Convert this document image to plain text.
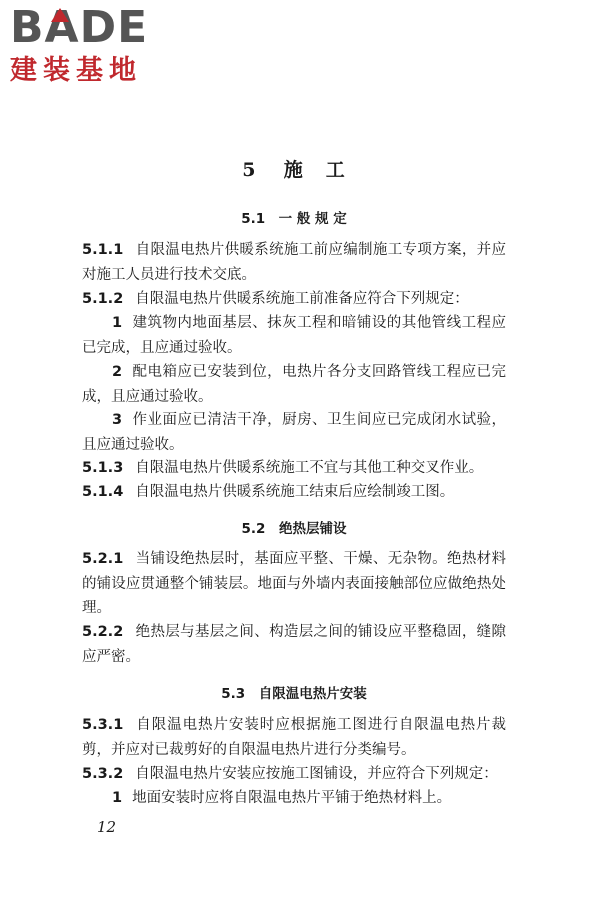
BADE
建装基地
5 施 工
5.1　一 般 规 定
5.1.1 自限温电热片供暖系统施工前应编制施工专项方案，并应对施工人员进行技术交底。
5.1.2 自限温电热片供暖系统施工前准备应符合下列规定：
1 建筑物内地面基层、抹灰工程和暗铺设的其他管线工程应已完成，且应通过验收。
2 配电箱应已安装到位，电热片各分支回路管线工程应已完成，且应通过验收。
3 作业面应已清洁干净，厨房、卫生间应已完成闭水试验，且应通过验收。
5.1.3 自限温电热片供暖系统施工不宜与其他工种交叉作业。
5.1.4 自限温电热片供暖系统施工结束后应绘制竣工图。
5.2　绝热层铺设
5.2.1 当铺设绝热层时，基面应平整、干燥、无杂物。绝热材料的铺设应贯通整个铺装层。地面与外墙内表面接触部位应做绝热处理。
5.2.2 绝热层与基层之间、构造层之间的铺设应平整稳固，缝隙应严密。
5.3　自限温电热片安装
5.3.1 自限温电热片安装时应根据施工图进行自限温电热片裁剪，并应对已裁剪好的自限温电热片进行分类编号。
5.3.2 自限温电热片安装应按施工图铺设，并应符合下列规定：
1 地面安装时应将自限温电热片平铺于绝热材料上。
12
